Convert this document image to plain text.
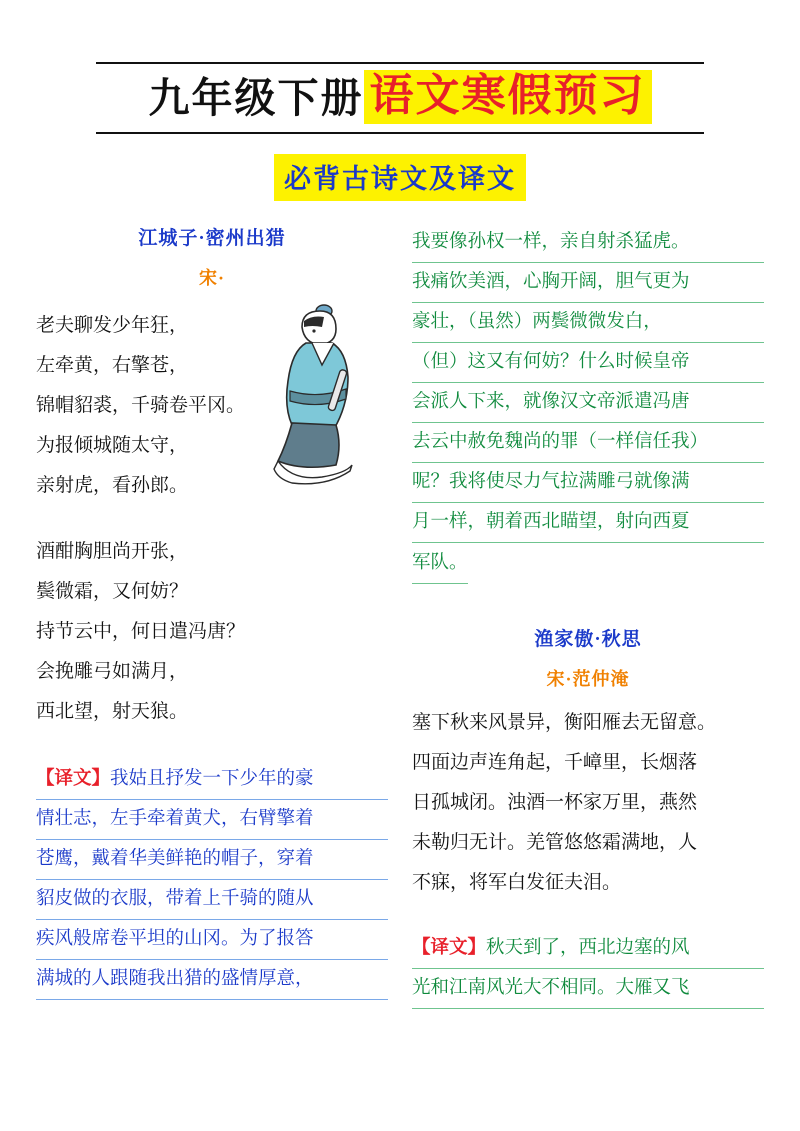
九年级下册 语文寒假预习
必背古诗文及译文
江城子·密州出猎
宋·
老夫聊发少年狂，
左牵黄，右擎苍，
锦帽貂裘，千骑卷平冈。
为报倾城随太守，
亲射虎，看孙郎。
酒酣胸胆尚开张，
鬓微霜，又何妨？
持节云中，何日遣冯唐？
会挽雕弓如满月，
西北望，射天狼。
【译文】我姑且抒发一下少年的豪
情壮志，左手牵着黄犬，右臂擎着
苍鹰，戴着华美鲜艳的帽子，穿着
貂皮做的衣服，带着上千骑的随从
疾风般席卷平坦的山冈。为了报答
满城的人跟随我出猎的盛情厚意，
我要像孙权一样，亲自射杀猛虎。
我痛饮美酒，心胸开阔，胆气更为
豪壮，（虽然）两鬓微微发白，
（但）这又有何妨？什么时候皇帝
会派人下来，就像汉文帝派遣冯唐
去云中赦免魏尚的罪（一样信任我）
呢？我将使尽力气拉满雕弓就像满
月一样，朝着西北瞄望，射向西夏
军队。
渔家傲·秋思
宋·范仲淹
塞下秋来风景异，衡阳雁去无留意。
四面边声连角起，千嶂里，长烟落
日孤城闭。浊酒一杯家万里，燕然
未勒归无计。羌管悠悠霜满地，人
不寐，将军白发征夫泪。
【译文】秋天到了，西北边塞的风
光和江南风光大不相同。大雁又飞
